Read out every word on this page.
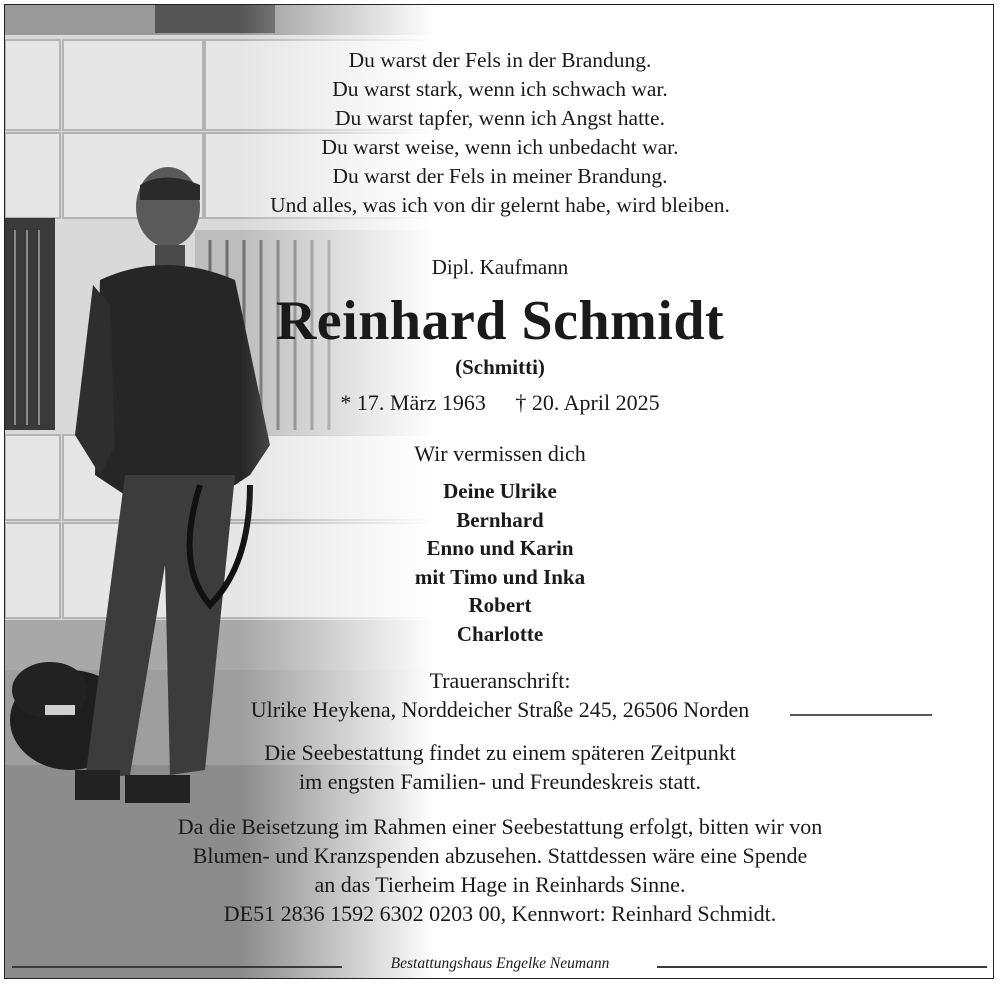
Du warst der Fels in der Brandung.
Du warst stark, wenn ich schwach war.
Du warst tapfer, wenn ich Angst hatte.
Du warst weise, wenn ich unbedacht war.
Du warst der Fels in meiner Brandung.
Und alles, was ich von dir gelernt habe, wird bleiben.
Dipl. Kaufmann
Reinhard Schmidt
(Schmitti)
* 17. März 1963 † 20. April 2025
Wir vermissen dich
Deine Ulrike
Bernhard
Enno und Karin
mit Timo und Inka
Robert
Charlotte
Traueranschrift:
Ulrike Heykena, Norddeicher Straße 245, 26506 Norden
Die Seebestattung findet zu einem späteren Zeitpunkt
im engsten Familien- und Freundeskreis statt.
Da die Beisetzung im Rahmen einer Seebestattung erfolgt, bitten wir von
Blumen- und Kranzspenden abzusehen. Stattdessen wäre eine Spende
an das Tierheim Hage in Reinhards Sinne.
DE51 2836 1592 6302 0203 00, Kennwort: Reinhard Schmidt.
Bestattungshaus Engelke Neumann
